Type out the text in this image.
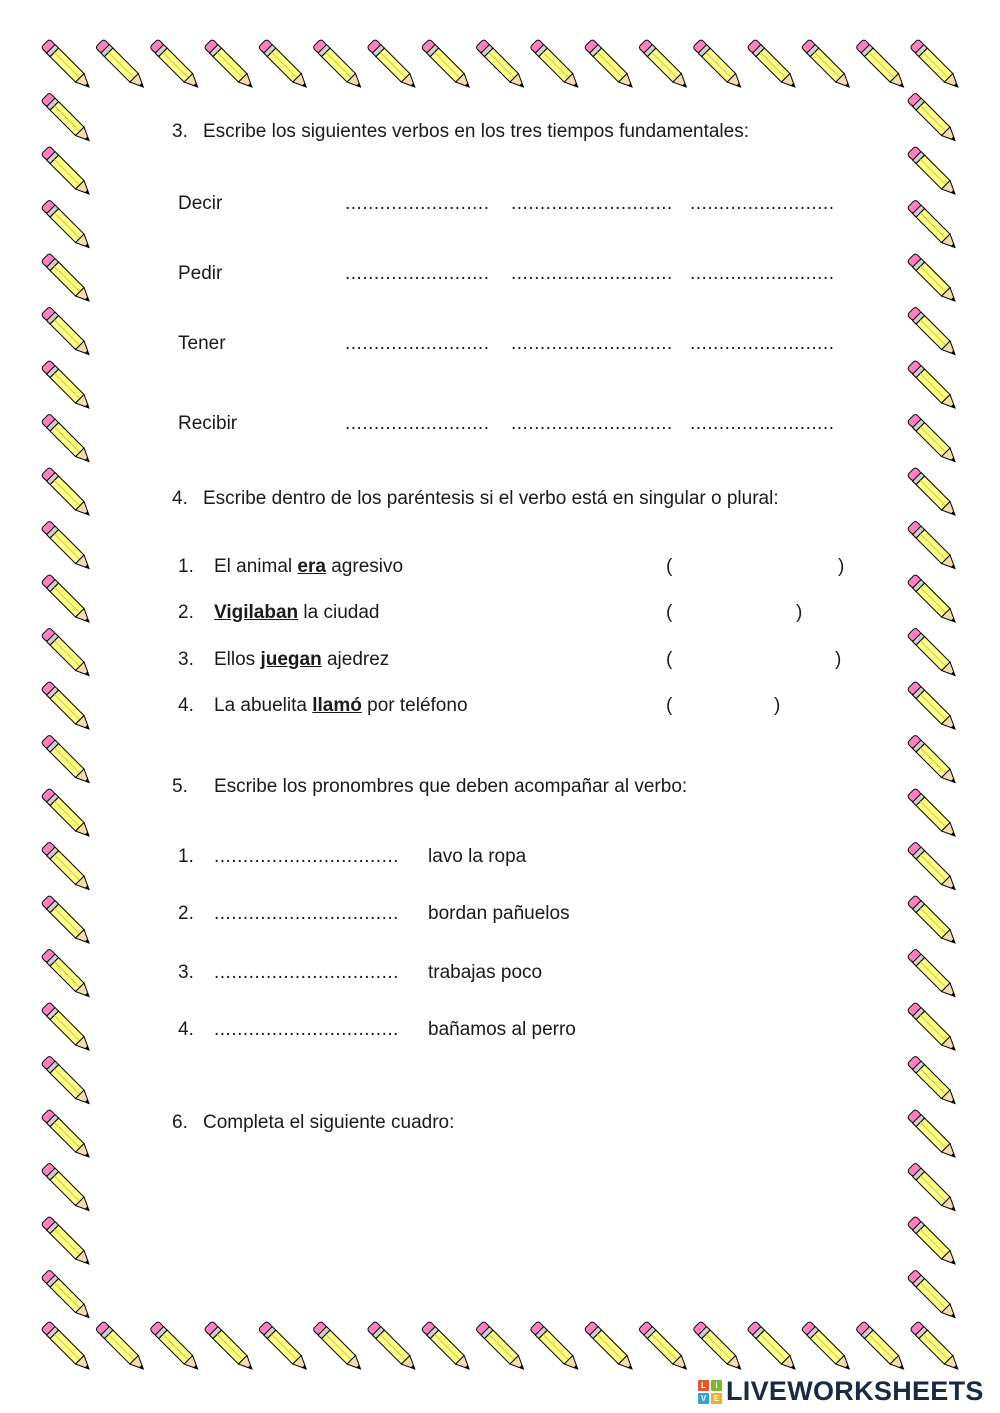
3. Escribe los siguientes verbos en los tres tiempos fundamentales:
Decir	......................... ............................ .........................
Pedir	......................... ............................ .........................
Tener	......................... ............................ .........................
Recibir	......................... ............................ .........................
4. Escribe dentro de los paréntesis si el verbo está en singular o plural:
1. El animal era agresivo	(	)
2. Vigilaban la ciudad	(	)
3. Ellos juegan ajedrez	(	)
4. La abuelita llamó por teléfono	(	)
5. Escribe los pronombres que deben acompañar al verbo:
1. ................................ lavo la ropa
2. ................................ bordan pañuelos
3. ................................ trabajas poco
4. ................................ bañamos al perro
6. Completa el siguiente cuadro:
L	I
V E LIVEWORKSHEETS
